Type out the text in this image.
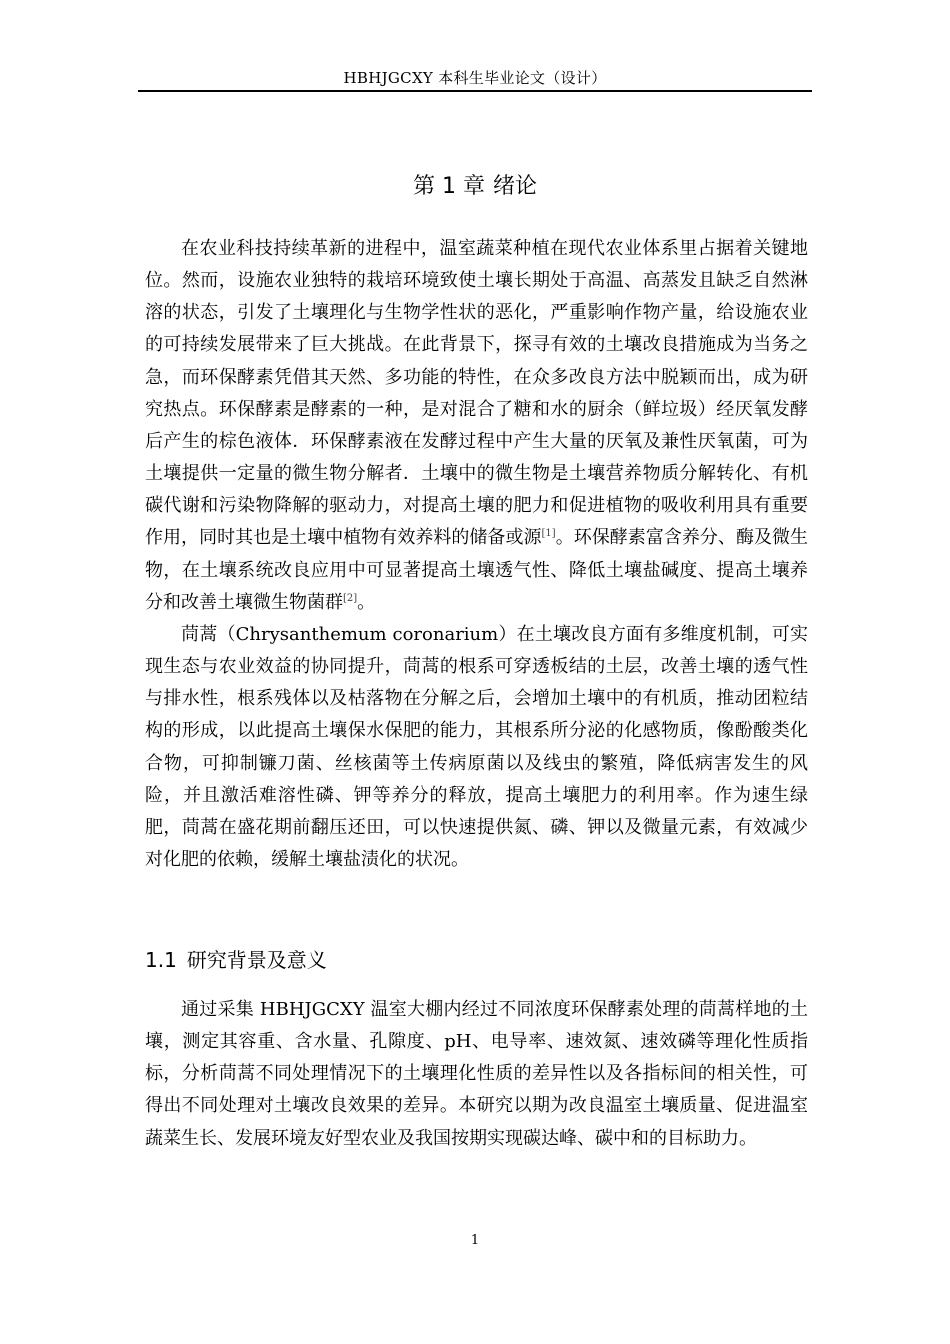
HBHJGCXY 本科生毕业论文（设计）
第 1 章 绪论

在农业科技持续革新的进程中，温室蔬菜种植在现代农业体系里占据着关键地位。然而，设施农业独特的栽培环境致使土壤长期处于高温、高蒸发且缺乏自然淋溶的状态，引发了土壤理化与生物学性状的恶化，严重影响作物产量，给设施农业的可持续发展带来了巨大挑战。在此背景下，探寻有效的土壤改良措施成为当务之急，而环保酵素凭借其天然、多功能的特性，在众多改良方法中脱颖而出，成为研究热点。环保酵素是酵素的一种，是对混合了糖和水的厨余（鲜垃圾）经厌氧发酵后产生的棕色液体．环保酵素液在发酵过程中产生大量的厌氧及兼性厌氧菌，可为土壤提供一定量的微生物分解者．土壤中的微生物是土壤营养物质分解转化、有机碳代谢和污染物降解的驱动力，对提高土壤的肥力和促进植物的吸收利用具有重要作用，同时其也是土壤中植物有效养料的储备或源[1]。环保酵素富含养分、酶及微生物，在土壤系统改良应用中可显著提高土壤透气性、降低土壤盐碱度、提高土壤养分和改善土壤微生物菌群[2]。

茼蒿（Chrysanthemum coronarium）在土壤改良方面有多维度机制，可实现生态与农业效益的协同提升，茼蒿的根系可穿透板结的土层，改善土壤的透气性与排水性，根系残体以及枯落物在分解之后，会增加土壤中的有机质，推动团粒结构的形成，以此提高土壤保水保肥的能力，其根系所分泌的化感物质，像酚酸类化合物，可抑制镰刀菌、丝核菌等土传病原菌以及线虫的繁殖，降低病害发生的风险，并且激活难溶性磷、钾等养分的释放，提高土壤肥力的利用率。作为速生绿肥，茼蒿在盛花期前翻压还田，可以快速提供氮、磷、钾以及微量元素，有效减少对化肥的依赖，缓解土壤盐渍化的状况。

1.1 研究背景及意义

通过采集 HBHJGCXY 温室大棚内经过不同浓度环保酵素处理的茼蒿样地的土壤，测定其容重、含水量、孔隙度、pH、电导率、速效氮、速效磷等理化性质指标，分析茼蒿不同处理情况下的土壤理化性质的差异性以及各指标间的相关性，可得出不同处理对土壤改良效果的差异。本研究以期为改良温室土壤质量、促进温室蔬菜生长、发展环境友好型农业及我国按期实现碳达峰、碳中和的目标助力。

1
